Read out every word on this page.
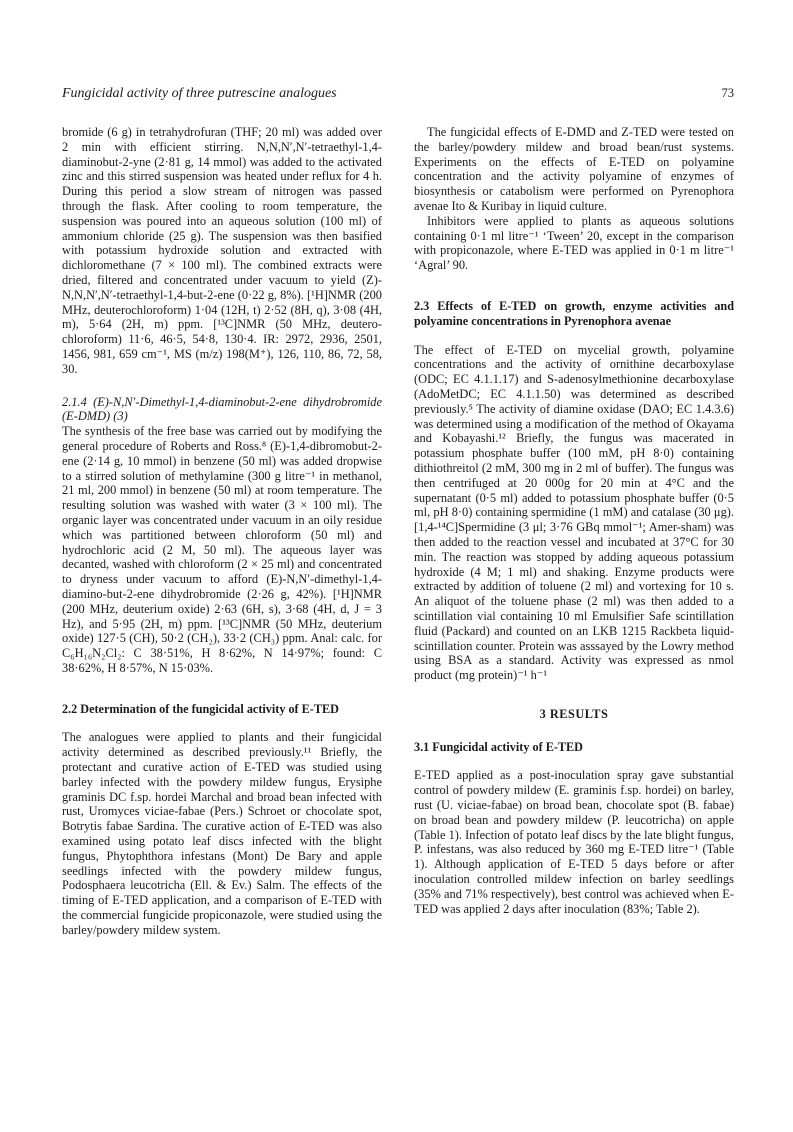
Fungicidal activity of three putrescine analogues	73

bromide (6 g) in tetrahydrofuran (THF; 20 ml) was added over 2 min with efficient stirring. N,N,N′,N′-tetraethyl-1,4-diaminobut-2-yne (2·81 g, 14 mmol) was added to the activated zinc and this stirred suspension was heated under reflux for 4 h. During this period a slow stream of nitrogen was passed through the flask. After cooling to room temperature, the suspension was poured into an aqueous solution (100 ml) of ammonium chloride (25 g). The suspension was then basified with potassium hydroxide solution and extracted with dichloromethane (7 × 100 ml). The combined extracts were dried, filtered and concentrated under vacuum to yield (Z)-N,N,N′,N′-tetraethyl-1,4-but-2-ene (0·22 g, 8%). [¹H]NMR (200 MHz, deuterochloroform) 1·04 (12H, t) 2·52 (8H, q), 3·08 (4H, m), 5·64 (2H, m) ppm. [¹³C]NMR (50 MHz, deutero-chloroform) 11·6, 46·5, 54·8, 130·4. IR: 2972, 2936, 2501, 1456, 981, 659 cm⁻¹, MS (m/z) 198(M⁺), 126, 110, 86, 72, 58, 30.

2.1.4 (E)-N,N′-Dimethyl-1,4-diaminobut-2-ene dihydrobromide (E-DMD) (3)

The synthesis of the free base was carried out by modifying the general procedure of Roberts and Ross.⁸ (E)-1,4-dibromobut-2-ene (2·14 g, 10 mmol) in benzene (50 ml) was added dropwise to a stirred solution of methylamine (300 g litre⁻¹ in methanol, 21 ml, 200 mmol) in benzene (50 ml) at room temperature. The resulting solution was washed with water (3 × 100 ml). The organic layer was concentrated under vacuum in an oily residue which was partitioned between chloroform (50 ml) and hydrochloric acid (2 M, 50 ml). The aqueous layer was decanted, washed with chloroform (2 × 25 ml) and concentrated to dryness under vacuum to afford (E)-N,N′-dimethyl-1,4-diamino-but-2-ene dihydrobromide (2·26 g, 42%). [¹H]NMR (200 MHz, deuterium oxide) 2·63 (6H, s), 3·68 (4H, d, J = 3 Hz), and 5·95 (2H, m) ppm. [¹³C]NMR (50 MHz, deuterium oxide) 127·5 (CH), 50·2 (CH₂), 33·2 (CH₃) ppm. Anal: calc. for C₆H₁₆N₂Cl₂: C 38·51%, H 8·62%, N 14·97%; found: C 38·62%, H 8·57%, N 15·03%.

2.2 Determination of the fungicidal activity of E-TED

The analogues were applied to plants and their fungicidal activity determined as described previously.¹¹ Briefly, the protectant and curative action of E-TED was studied using barley infected with the powdery mildew fungus, Erysiphe graminis DC f.sp. hordei Marchal and broad bean infected with rust, Uromyces viciae-fabae (Pers.) Schroet or chocolate spot, Botrytis fabae Sardina. The curative action of E-TED was also examined using potato leaf discs infected with the blight fungus, Phytophthora infestans (Mont) De Bary and apple seedlings infected with the powdery mildew fungus, Podosphaera leucotricha (Ell. & Ev.) Salm. The effects of the timing of E-TED application, and a comparison of E-TED with the commercial fungicide propiconazole, were studied using the barley/powdery mildew system.

The fungicidal effects of E-DMD and Z-TED were tested on the barley/powdery mildew and broad bean/rust systems. Experiments on the effects of E-TED on polyamine concentration and the activity polyamine of enzymes of biosynthesis or catabolism were performed on Pyrenophora avenae Ito & Kuribay in liquid culture.

Inhibitors were applied to plants as aqueous solutions containing 0·1 ml litre⁻¹ ‘Tween’ 20, except in the comparison with propiconazole, where E-TED was applied in 0·1 m litre⁻¹ ‘Agral’ 90.

2.3 Effects of E-TED on growth, enzyme activities and polyamine concentrations in Pyrenophora avenae

The effect of E-TED on mycelial growth, polyamine concentrations and the activity of ornithine decarboxylase (ODC; EC 4.1.1.17) and S-adenosylmethionine decarboxylase (AdoMetDC; EC 4.1.1.50) was determined as described previously.⁵ The activity of diamine oxidase (DAO; EC 1.4.3.6) was determined using a modification of the method of Okayama and Kobayashi.¹² Briefly, the fungus was macerated in potassium phosphate buffer (100 mM, pH 8·0) containing dithiothreitol (2 mM, 300 mg in 2 ml of buffer). The fungus was then centrifuged at 20 000g for 20 min at 4°C and the supernatant (0·5 ml) added to potassium phosphate buffer (0·5 ml, pH 8·0) containing spermidine (1 mM) and catalase (30 μg). [1,4-¹⁴C]Spermidine (3 μl; 3·76 GBq mmol⁻¹; Amer-sham) was then added to the reaction vessel and incubated at 37°C for 30 min. The reaction was stopped by adding aqueous potassium hydroxide (4 M; 1 ml) and shaking. Enzyme products were extracted by addition of toluene (2 ml) and vortexing for 10 s. An aliquot of the toluene phase (2 ml) was then added to a scintillation vial containing 10 ml Emulsifier Safe scintillation fluid (Packard) and counted on an LKB 1215 Rackbeta liquid-scintillation counter. Protein was asssayed by the Lowry method using BSA as a standard. Activity was expressed as nmol product (mg protein)⁻¹ h⁻¹

3 RESULTS
3.1 Fungicidal activity of E-TED

E-TED applied as a post-inoculation spray gave substantial control of powdery mildew (E. graminis f.sp. hordei) on barley, rust (U. viciae-fabae) on broad bean, chocolate spot (B. fabae) on broad bean and powdery mildew (P. leucotricha) on apple (Table 1). Infection of potato leaf discs by the late blight fungus, P. infestans, was also reduced by 360 mg E-TED litre⁻¹ (Table 1). Although application of E-TED 5 days before or after inoculation controlled mildew infection on barley seedlings (35% and 71% respectively), best control was achieved when E-TED was applied 2 days after inoculation (83%; Table 2).
